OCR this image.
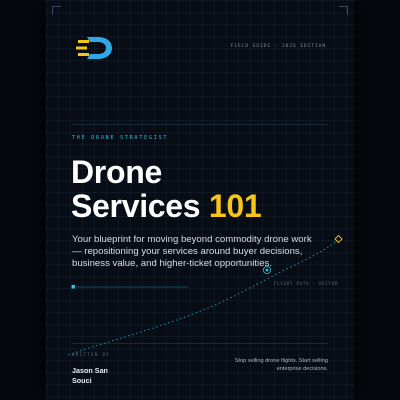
FIELD GUIDE · 2026 EDITION
THE DRONE STRATEGIST
Drone
Services 101
Your blueprint for moving beyond commodity drone work — repositioning your services around buyer decisions, business value, and higher-ticket opportunities.
FLIGHT PATH · VECTOR
WRITTEN BY
Jason San
Souci
Stop selling drone flights. Start selling enterprise decisions.
